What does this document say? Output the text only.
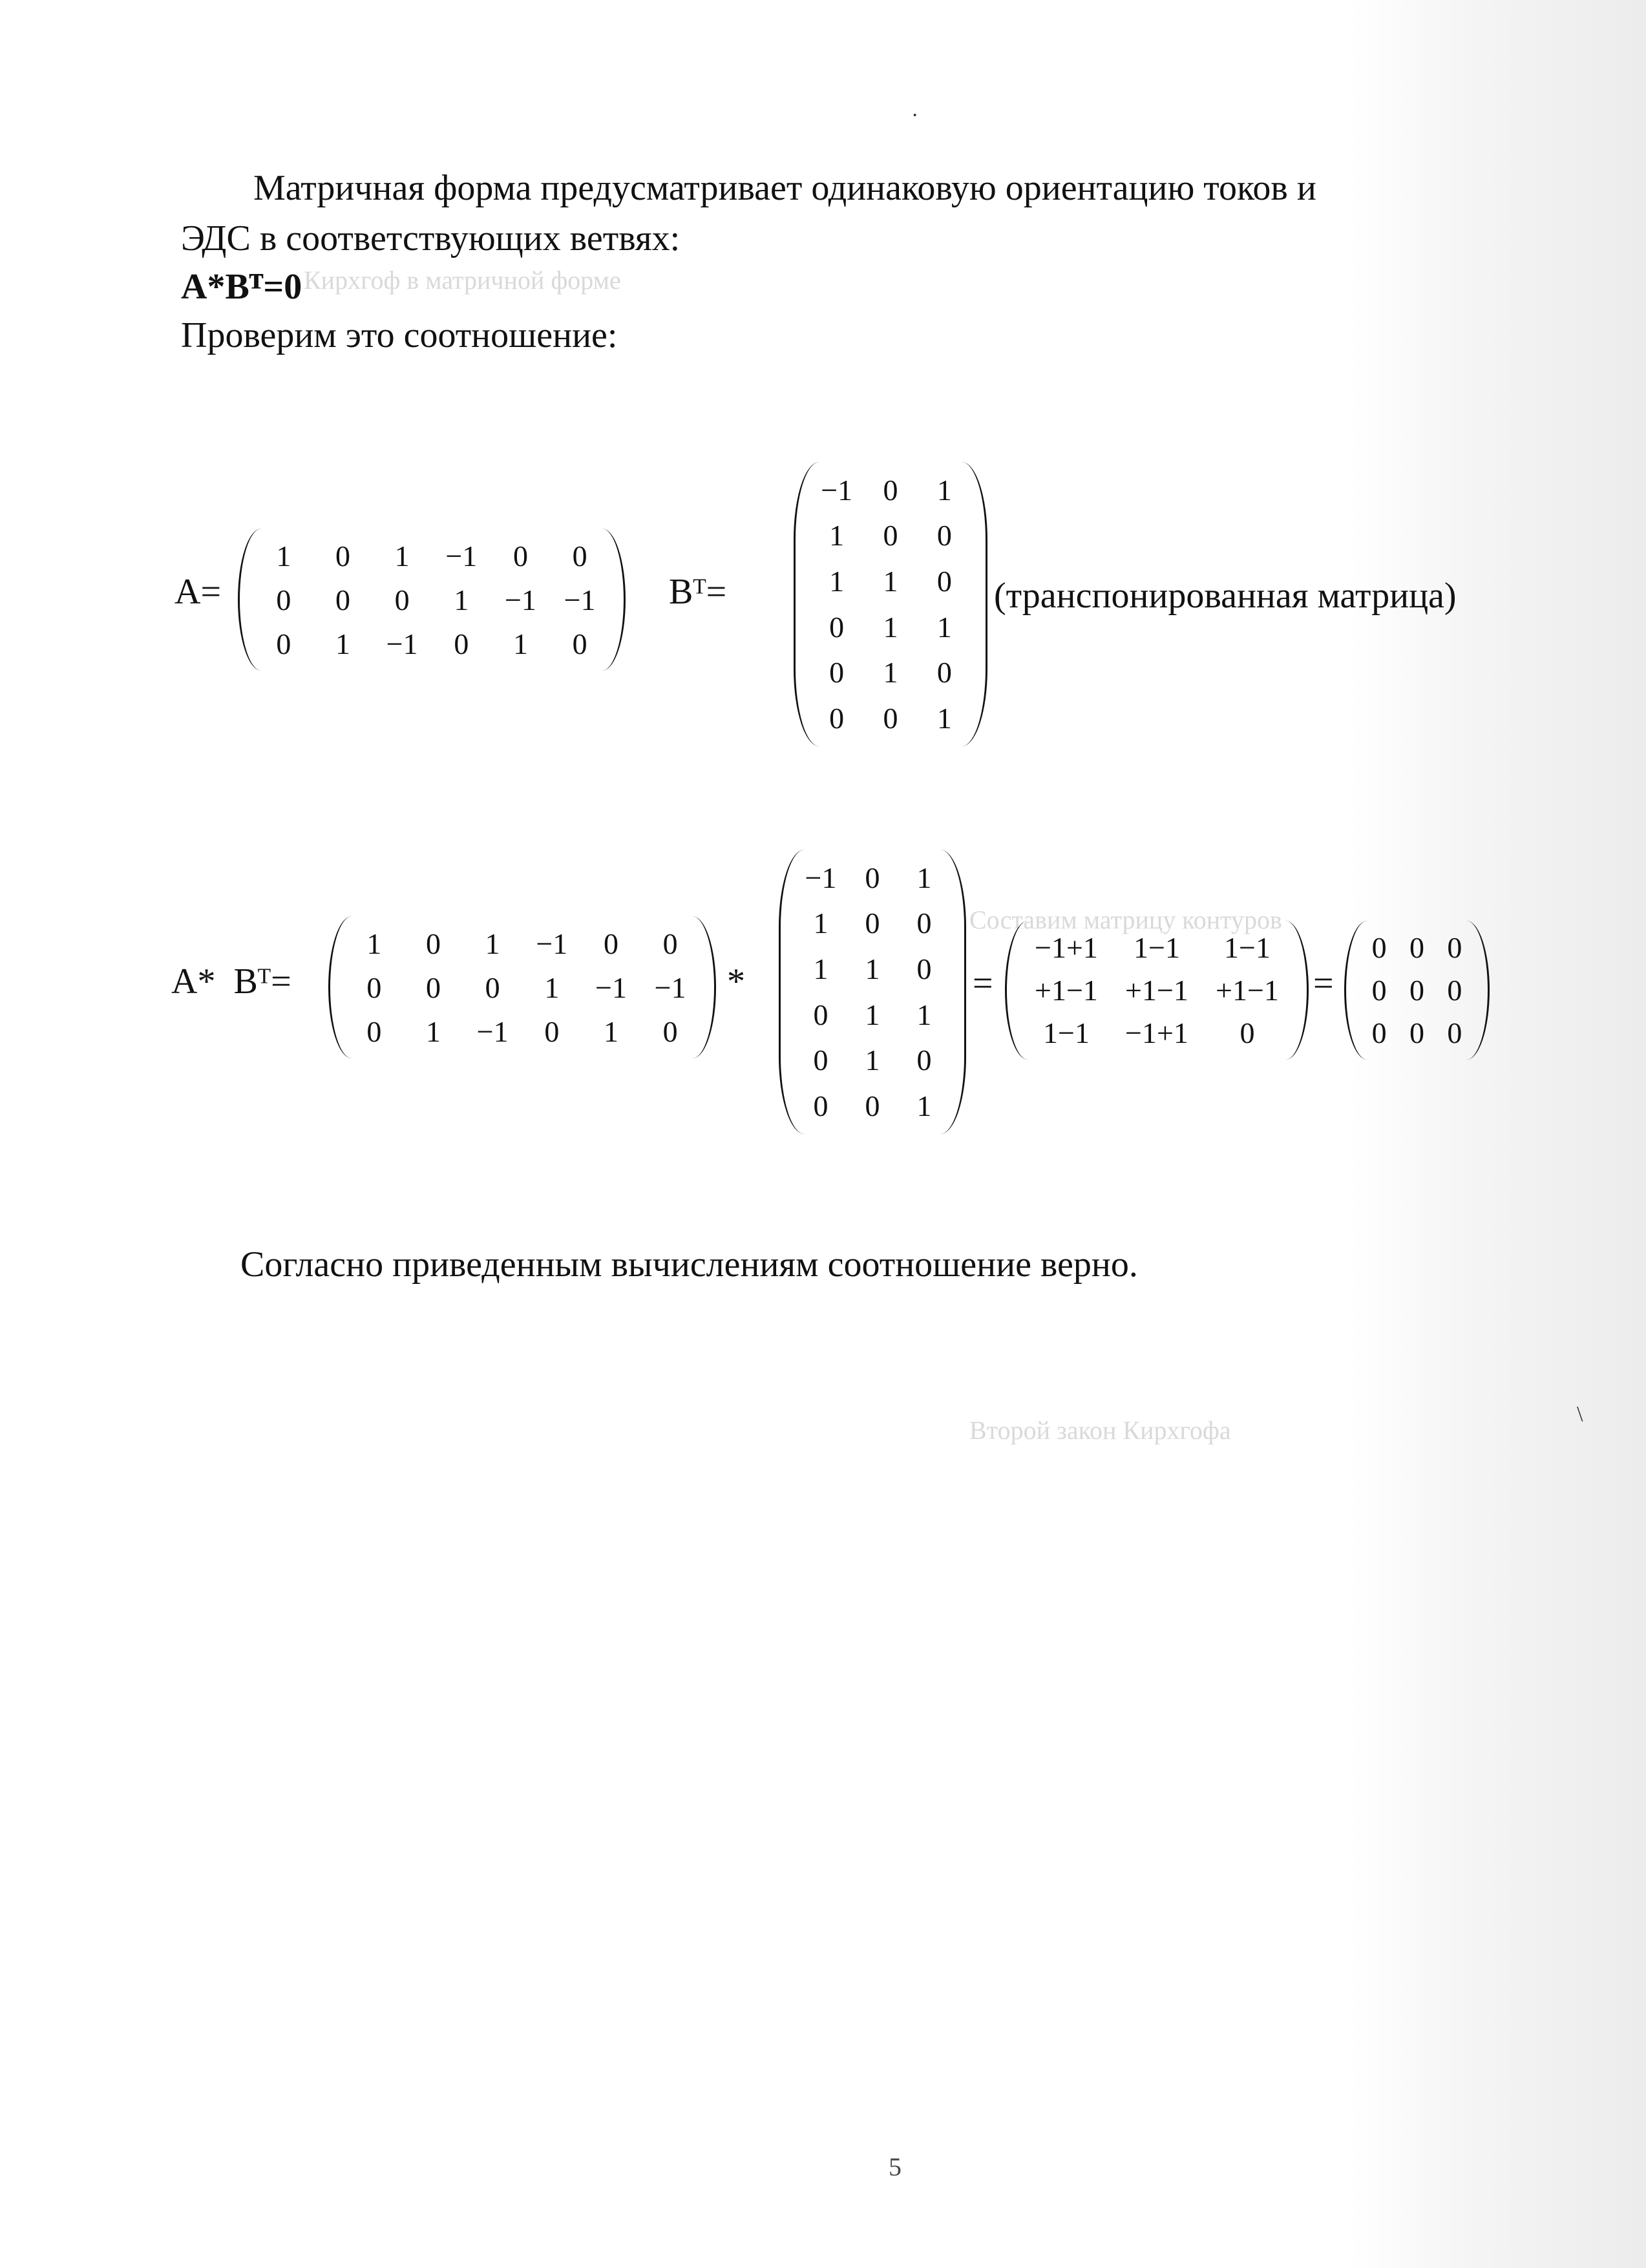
Кирхгоф в матричной форме
Составим матрицу контуров
Второй закон Кирхгофа
·
\
Матричная форма предусматривает одинаковую ориентацию токов и
ЭДС в соответствующих ветвях:
A*Bᵀ=0
Проверим это соотношение:
A=
1	0	1	−1	0	0
0	0	0	1	−1 −1
0	1	−1	0	1	0
Bᵀ=
−1	0	1
1	0	0
1	1	0
0	1	1
0	1	0
0	0	1
(транспонированная матрица)
A*  Bᵀ=
1	0	1	−1	0	0
0	0	0	1	−1 −1
0	1	−1	0	1	0
*
−1 0	1
1	0	0
1	1	0
0	1	1
0	1	0
0	0	1
=
−1+1	1−1	1−1
+1−1 +1−1 +1−1
1−1	−1+1	0
=
0 0 0
0 0 0
0 0 0
Согласно приведенным вычислениям соотношение верно.
5
